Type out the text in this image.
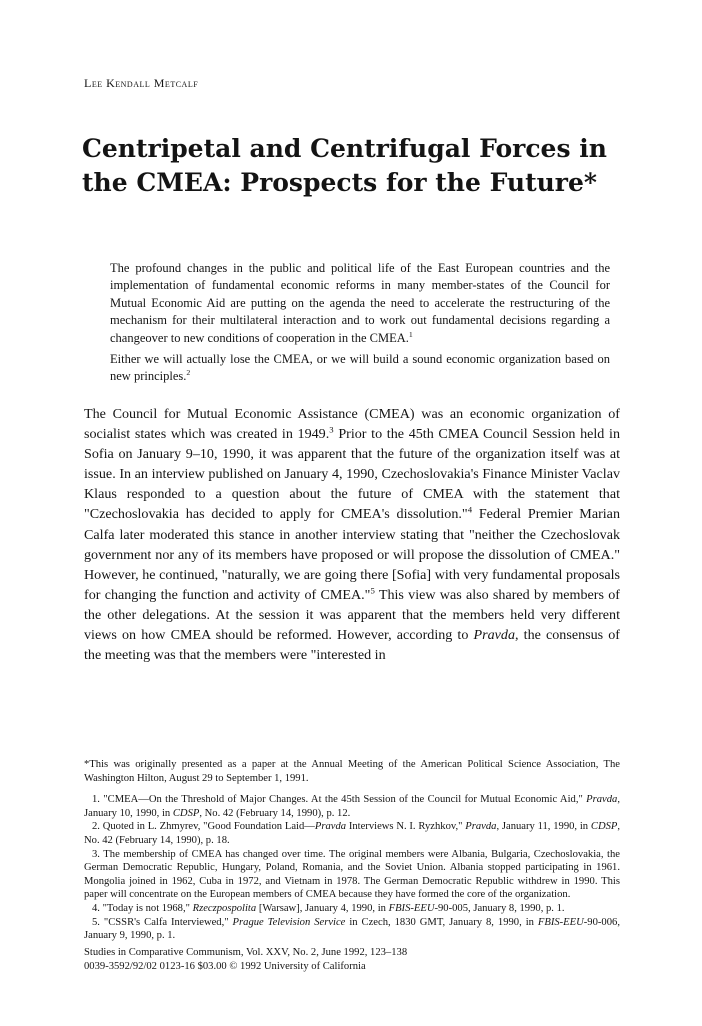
Lee Kendall Metcalf
Centripetal and Centrifugal Forces in the CMEA: Prospects for the Future*

The profound changes in the public and political life of the East European countries and the implementation of fundamental economic reforms in many member-states of the Council for Mutual Economic Aid are putting on the agenda the need to accelerate the restructuring of the mechanism for their multilateral interaction and to work out fundamental decisions regarding a changeover to new conditions of cooperation in the CMEA.$^1$

Either we will actually lose the CMEA, or we will build a sound economic organization based on new principles.$^2$

The Council for Mutual Economic Assistance (CMEA) was an economic organization of socialist states which was created in 1949.$^3$ Prior to the 45th CMEA Council Session held in Sofia on January 9–10, 1990, it was apparent that the future of the organization itself was at issue. In an interview published on January 4, 1990, Czechoslovakia's Finance Minister Vaclav Klaus responded to a question about the future of CMEA with the statement that "Czechoslovakia has decided to apply for CMEA's dissolution."$^4$ Federal Premier Marian Calfa later moderated this stance in another interview stating that "neither the Czechoslovak government nor any of its members have proposed or will propose the dissolution of CMEA." However, he continued, "naturally, we are going there [Sofia] with very fundamental proposals for changing the function and activity of CMEA."$^5$ This view was also shared by members of the other delegations. At the session it was apparent that the members held very different views on how CMEA should be reformed. However, according to Pravda, the consensus of the meeting was that the members were "interested in

*This was originally presented as a paper at the Annual Meeting of the American Political Science Association, The Washington Hilton, August 29 to September 1, 1991.

1. "CMEA—On the Threshold of Major Changes. At the 45th Session of the Council for Mutual Economic Aid," Pravda, January 10, 1990, in CDSP, No. 42 (February 14, 1990), p. 12.

2. Quoted in L. Zhmyrev, "Good Foundation Laid—Pravda Interviews N. I. Ryzhkov," Pravda, January 11, 1990, in CDSP, No. 42 (February 14, 1990), p. 18.

3. The membership of CMEA has changed over time. The original members were Albania, Bulgaria, Czechoslovakia, the German Democratic Republic, Hungary, Poland, Romania, and the Soviet Union. Albania stopped participating in 1961. Mongolia joined in 1962, Cuba in 1972, and Vietnam in 1978. The German Democratic Republic withdrew in 1990. This paper will concentrate on the European members of CMEA because they have formed the core of the organization.

4. "Today is not 1968," Rzeczpospolita [Warsaw], January 4, 1990, in FBIS-EEU-90-005, January 8, 1990, p. 1.

5. "CSSR's Calfa Interviewed," Prague Television Service in Czech, 1830 GMT, January 8, 1990, in FBIS-EEU-90-006, January 9, 1990, p. 1.

Studies in Comparative Communism, Vol. XXV, No. 2, June 1992, 123–138
0039-3592/92/02 0123-16 $03.00 © 1992 University of California
